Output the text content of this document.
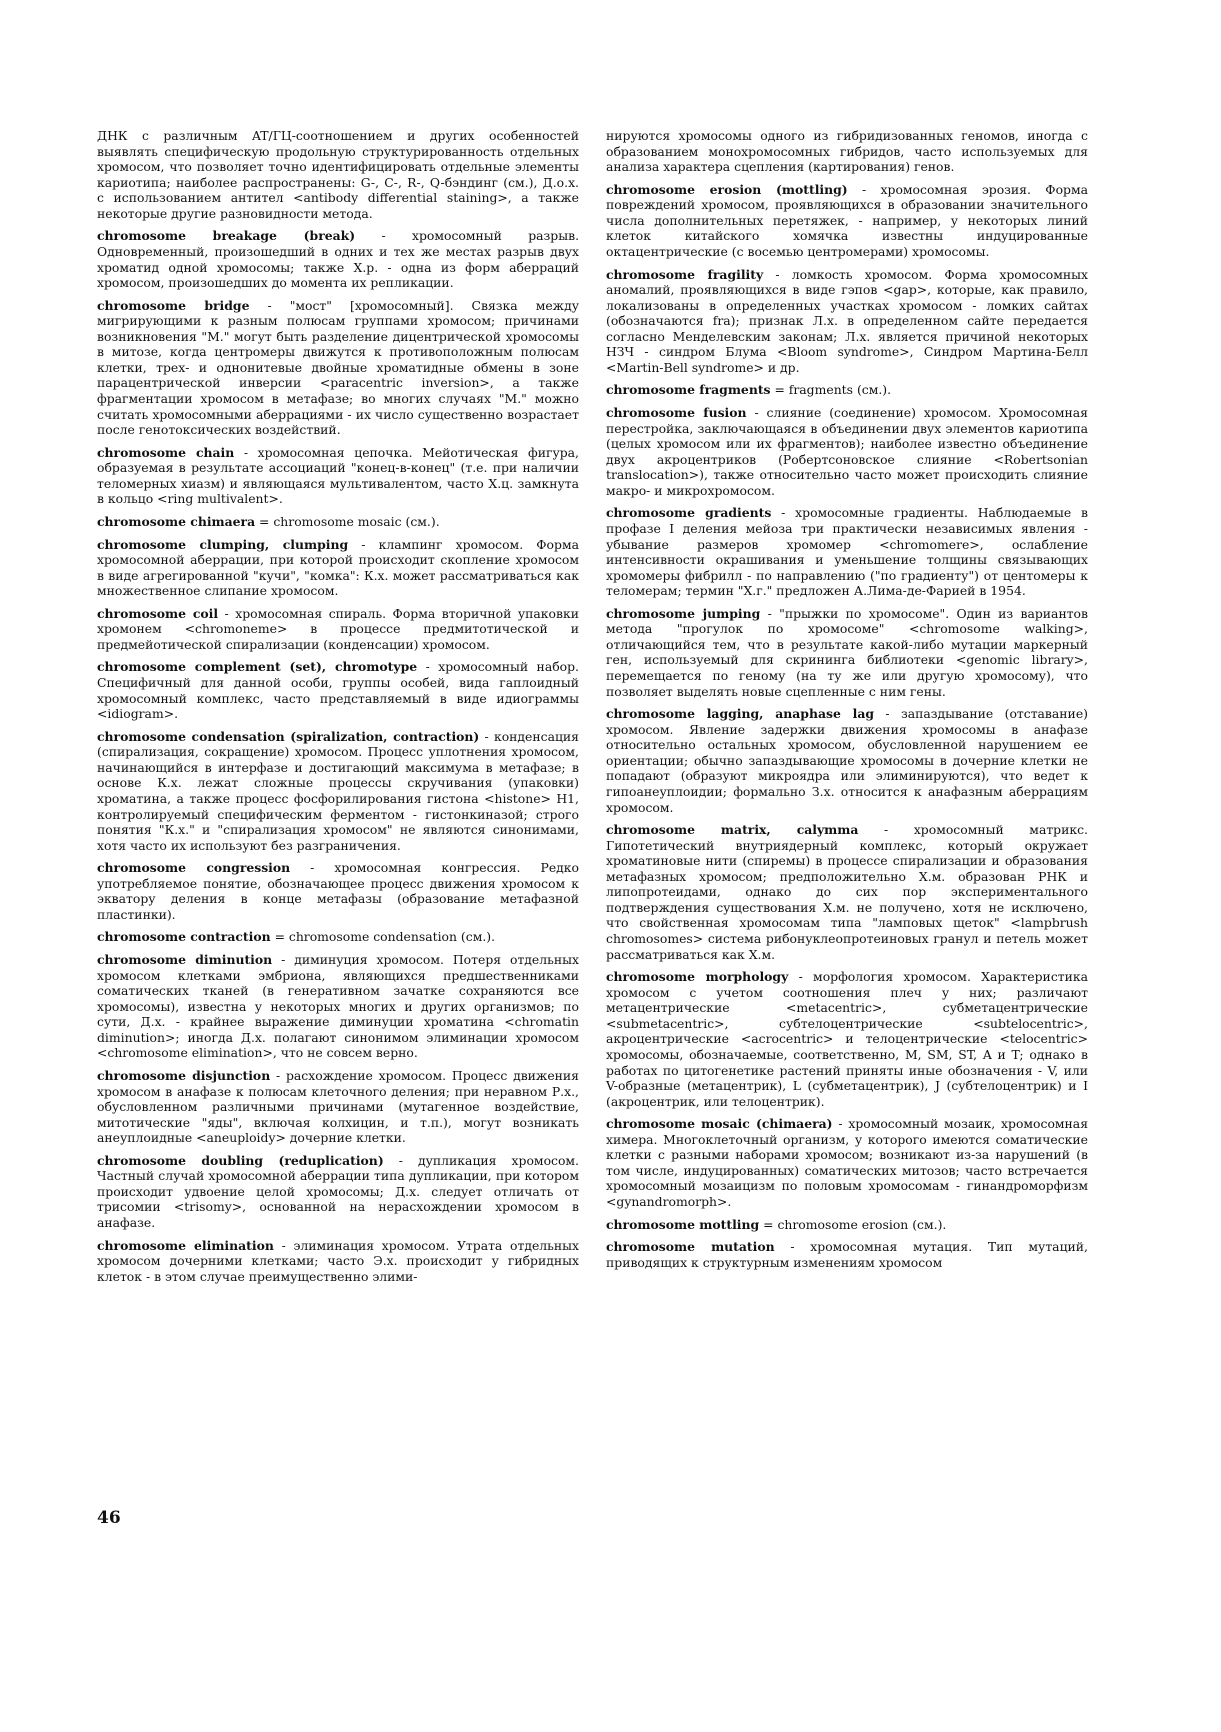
ДНК с различным AT/ГЦ-соотношением и других особенностей выявлять специфическую продольную структурированность отдельных хромосом, что позволяет точно идентифицировать отдельные элементы кариотипа; наиболее распространены: G-, C-, R-, Q-бэндинг (см.), Д.о.х. с использованием антител <antibody differential staining>, а также некоторые другие разновидности метода.

chromosome breakage (break) - хромосомный разрыв. Одновременный, произошедший в одних и тех же местах разрыв двух хроматид одной хромосомы; также Х.р. - одна из форм аберраций хромосом, произошедших до момента их репликации.

chromosome bridge - "мост" [хромосомный]. Связка между мигрирующими к разным полюсам группами хромосом; причинами возникновения "М." могут быть разделение дицентрической хромосомы в митозе, когда центромеры движутся к противоположным полюсам клетки, трех- и однонитевые двойные хроматидные обмены в зоне парацентрической инверсии <paracentric inversion>, а также фрагментации хромосом в метафазе; во многих случаях "М." можно считать хромосомными аберрациями - их число существенно возрастает после генотоксических воздействий.

chromosome chain - хромосомная цепочка. Мейотическая фигура, образуемая в результате ассоциаций "конец-в-конец" (т.е. при наличии теломерных хиазм) и являющаяся мультивалентом, часто Х.ц. замкнута в кольцо <ring multivalent>.

chromosome chimaera = chromosome mosaic (см.).

chromosome clumping, clumping - клампинг хромосом. Форма хромосомной аберрации, при которой происходит скопление хромосом в виде агрегированной "кучи", "комка": К.х. может рассматриваться как множественное слипание хромосом.

chromosome coil - хромосомная спираль. Форма вторичной упаковки хромонем <chromoneme> в процессе предмитотической и предмейотической спирализации (конденсации) хромосом.

chromosome complement (set), chromotype - хромосомный набор. Специфичный для данной особи, группы особей, вида гаплоидный хромосомный комплекс, часто представляемый в виде идиограммы <idiogram>.

chromosome condensation (spiralization, contraction) - конденсация (спирализация, сокращение) хромосом. Процесс уплотнения хромосом, начинающийся в интерфазе и достигающий максимума в метафазе; в основе К.х. лежат сложные процессы скручивания (упаковки) хроматина, а также процесс фосфорилирования гистона <histone> H1, контролируемый специфическим ферментом - гистонкиназой; строго понятия "К.х." и "спирализация хромосом" не являются синонимами, хотя часто их используют без разграничения.

chromosome congression - хромосомная конгрессия. Редко употребляемое понятие, обозначающее процесс движения хромосом к экватору деления в конце метафазы (образование метафазной пластинки).

chromosome contraction = chromosome condensation (см.).

chromosome diminution - диминуция хромосом. Потеря отдельных хромосом клетками эмбриона, являющихся предшественниками соматических тканей (в генеративном зачатке сохраняются все хромосомы), известна у некоторых многих и других организмов; по сути, Д.х. - крайнее выражение диминуции хроматина <chromatin diminution>; иногда Д.х. полагают синонимом элиминации хромосом <chromosome elimination>, что не совсем верно.

chromosome disjunction - расхождение хромосом. Процесс движения хромосом в анафазе к полюсам клеточного деления; при неравном Р.х., обусловленном различными причинами (мутагенное воздействие, митотические "яды", включая колхицин, и т.п.), могут возникать анеуплоидные <aneuploidy> дочерние клетки.

chromosome doubling (reduplication) - дупликация хромосом. Частный случай хромосомной аберрации типа дупликации, при котором происходит удвоение целой хромосомы; Д.х. следует отличать от трисомии <trisomy>, основанной на нерасхождении хромосом в анафазе.

chromosome elimination - элиминация хромосом. Утрата отдельных хромосом дочерними клетками; часто Э.х. происходит у гибридных клеток - в этом случае преимущественно элими-

нируются хромосомы одного из гибридизованных геномов, иногда с образованием монохромосомных гибридов, часто используемых для анализа характера сцепления (картирования) генов.

chromosome erosion (mottling) - хромосомная эрозия. Форма повреждений хромосом, проявляющихся в образовании значительного числа дополнительных перетяжек, - например, у некоторых линий клеток китайского хомячка известны индуцированные октацентрические (с восемью центромерами) хромосомы.

chromosome fragility - ломкость хромосом. Форма хромосомных аномалий, проявляющихся в виде гэпов <gap>, которые, как правило, локализованы в определенных участках хромосом - ломких сайтах (обозначаются fra); признак Л.х. в определенном сайте передается согласно Менделевским законам; Л.х. является причиной некоторых НЗЧ - синдром Блума <Bloom syndrome>, Синдром Мартина-Белл <Martin-Bell syndrome> и др.

chromosome fragments = fragments (см.).

chromosome fusion - слияние (соединение) хромосом. Хромосомная перестройка, заключающаяся в объединении двух элементов кариотипа (целых хромосом или их фрагментов); наиболее известно объединение двух акроцентриков (Робертсоновское слияние <Robertsonian translocation>), также относительно часто может происходить слияние макро- и микрохромосом.

chromosome gradients - хромосомные градиенты. Наблюдаемые в профазе I деления мейоза три практически независимых явления - убывание размеров хромомер <chromomere>, ослабление интенсивности окрашивания и уменьшение толщины связывающих хромомеры фибрилл - по направлению ("по градиенту") от центомеры к теломерам; термин "Х.г." предложен А.Лима-де-Фарией в 1954.

chromosome jumping - "прыжки по хромосоме". Один из вариантов метода "прогулок по хромосоме" <chromosome walking>, отличающийся тем, что в результате какой-либо мутации маркерный ген, используемый для скрининга библиотеки <genomic library>, перемещается по геному (на ту же или другую хромосому), что позволяет выделять новые сцепленные с ним гены.

chromosome lagging, anaphase lag - запаздывание (отставание) хромосом. Явление задержки движения хромосомы в анафазе относительно остальных хромосом, обусловленной нарушением ее ориентации; обычно запаздывающие хромосомы в дочерние клетки не попадают (образуют микроядра или элиминируются), что ведет к гипоанеуплоидии; формально З.х. относится к анафазным аберрациям хромосом.

chromosome matrix, calymma - хромосомный матрикс. Гипотетический внутриядерный комплекс, который окружает хроматиновые нити (спиремы) в процессе спирализации и образования метафазных хромосом; предположительно Х.м. образован РНК и липопротеидами, однако до сих пор экспериментального подтверждения существования Х.м. не получено, хотя не исключено, что свойственная хромосомам типа "ламповых щеток" <lampbrush chromosomes> система рибонуклеопротеиновых гранул и петель может рассматриваться как Х.м.

chromosome morphology - морфология хромосом. Характеристика хромосом с учетом соотношения плеч у них; различают метацентрические <metacentric>, субметацентрические <submetacentric>, субтелоцентрические <subtelocentric>, акроцентрические <acrocentric> и телоцентрические <telocentric> хромосомы, обозначаемые, соответственно, M, SM, ST, A и T; однако в работах по цитогенетике растений приняты иные обозначения - V, или V-образные (метацентрик), L (субметацентрик), J (субтелоцентрик) и I (акроцентрик, или телоцентрик).

chromosome mosaic (chimaera) - хромосомный мозаик, хромосомная химера. Многоклеточный организм, у которого имеются соматические клетки с разными наборами хромосом; возникают из-за нарушений (в том числе, индуцированных) соматических митозов; часто встречается хромосомный мозаицизм по половым хромосомам - гинандроморфизм <gynandromorph>.

chromosome mottling = chromosome erosion (см.).

chromosome mutation - хромосомная мутация. Тип мутаций, приводящих к структурным изменениям хромосом

46
